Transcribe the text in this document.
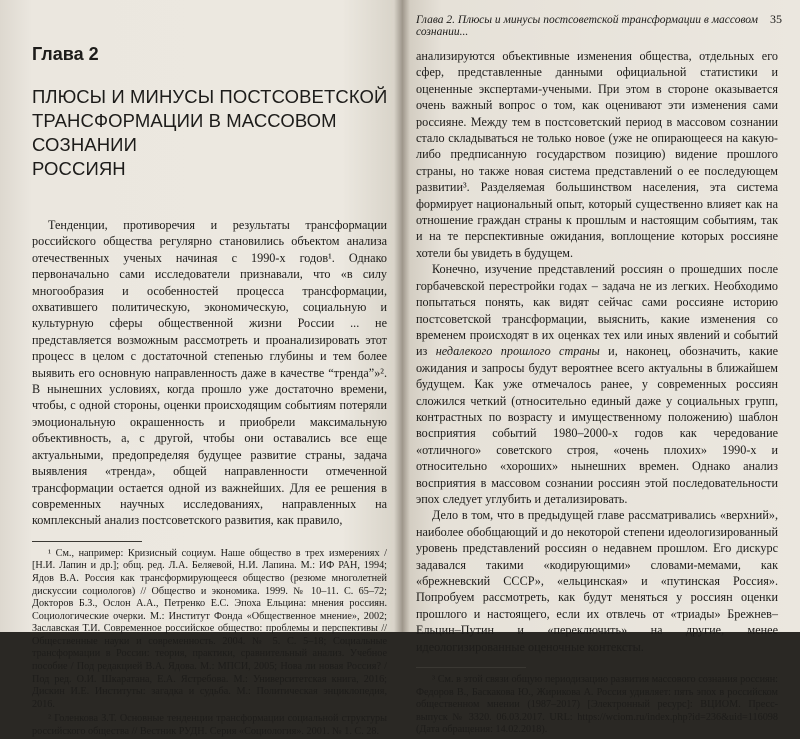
Глава 2
ПЛЮСЫ И МИНУСЫ ПОСТСОВЕТСКОЙ
ТРАНСФОРМАЦИИ В МАССОВОМ СОЗНАНИИ
РОССИЯН

Тенденции, противоречия и результаты трансформации российского общества регулярно становились объектом анализа отечественных ученых начиная с 1990-х годов¹. Однако первоначально сами исследователи признавали, что «в силу многообразия и особенностей процесса трансформации, охватившего политическую, экономическую, социальную и культурную сферы общественной жизни России ... не представляется возможным рассмотреть и проанализировать этот процесс в целом с достаточной степенью глубины и тем более выявить его основную направленность даже в качестве “тренда”»². В нынешних условиях, когда прошло уже достаточно времени, чтобы, с одной стороны, оценки происходящим событиям потеряли эмоциональную окрашенность и приобрели максимальную объективность, а, с другой, чтобы они оставались все еще актуальными, предопределяя будущее развитие страны, задача выявления «тренда», общей направленности отмеченной трансформации остается одной из важнейших. Для ее решения в современных научных исследованиях, направленных на комплексный анализ постсоветского развития, как правило,

¹ См., например: Кризисный социум. Наше общество в трех измерениях / [Н.И. Лапин и др.]; общ. ред. Л.А. Беляевой, Н.И. Лапина. М.: ИФ РАН, 1994; Ядов В.А. Россия как трансформирующееся общество (резюме многолетней дискуссии социологов) // Общество и экономика. 1999. № 10–11. С. 65–72; Докторов Б.З., Ослон А.А., Петренко Е.С. Эпоха Ельцина: мнения россиян. Социологические очерки. М.: Институт Фонда «Общественное мнение», 2002; Заславская Т.И. Современное российское общество: проблемы и перспективы // Общественные науки и современность. 2004. № 5. С. 5–18; Социальные трансформации в России: теория, практики, сравнительный анализ. Учебное пособие / Под редакцией В.А. Ядова. М.: МПСИ, 2005; Нова ли новая Россия? / Под ред. О.И. Шкаратана, Е.А. Ястребова. М.: Университетская книга, 2016; Дискин И.Е. Институты: загадка и судьба. М.: Политическая энциклопедия, 2016.

² Голенкова З.Т. Основные тенденции трансформации социальной структуры российского общества // Вестник РУДН. Серия «Социология». 2001. № 1. С. 28.

Глава 2. Плюсы и минусы постсоветской трансформации в массовом сознании...
35

анализируются объективные изменения общества, отдельных его сфер, представленные данными официальной статистики и оцененные экспертами-учеными. При этом в стороне оказывается очень важный вопрос о том, как оценивают эти изменения сами россияне. Между тем в постсоветский период в массовом сознании стало складываться не только новое (уже не опирающееся на какую-либо предписанную государством позицию) видение прошлого страны, но также новая система представлений о ее последующем развитии³. Разделяемая большинством населения, эта система формирует национальный опыт, который существенно влияет как на отношение граждан страны к прошлым и настоящим событиям, так и на те перспективные ожидания, воплощение которых россияне хотели бы увидеть в будущем.

Конечно, изучение представлений россиян о прошедших после горбачевской перестройки годах – задача не из легких. Необходимо попытаться понять, как видят сейчас сами россияне историю постсоветской трансформации, выяснить, какие изменения со временем происходят в их оценках тех или иных явлений и событий из недалекого прошлого страны и, наконец, обозначить, какие ожидания и запросы будут вероятнее всего актуальны в ближайшем будущем. Как уже отмечалось ранее, у современных россиян сложился четкий (относительно единый даже у социальных групп, контрастных по возрасту и имущественному положению) шаблон восприятия событий 1980–2000-х годов как чередование «отличного» советского строя, «очень плохих» 1990-х и относительно «хороших» нынешних времен. Однако анализ восприятия в массовом сознании россиян этой последовательности эпох следует углубить и детализировать.

Дело в том, что в предыдущей главе рассматривались «верхний», наиболее обобщающий и до некоторой степени идеологизированный уровень представлений россиян о недавнем прошлом. Его дискурс задавался такими «кодирующими» словами-мемами, как «брежневский СССР», «ельцинская» и «путинская Россия». Попробуем рассмотреть, как будут меняться у россиян оценки прошлого и настоящего, если их отвлечь от «триады» Брежнев–Ельцин–Путин и «переключить» на другие, менее идеологизированные оценочные контексты.

³ См. в этой связи общую периодизацию развития массового сознания россиян: Федоров В., Баскакова Ю., Жирикова А. Россия удивляет: пять эпох в российском общественном мнении (1987–2017) [Электронный ресурс]: ВЦИОМ. Пресс-выпуск № 3320. 06.03.2017. URL: https://wciom.ru/index.php?id=236&uid=116098 (Дата обращения: 14.02.2018).
